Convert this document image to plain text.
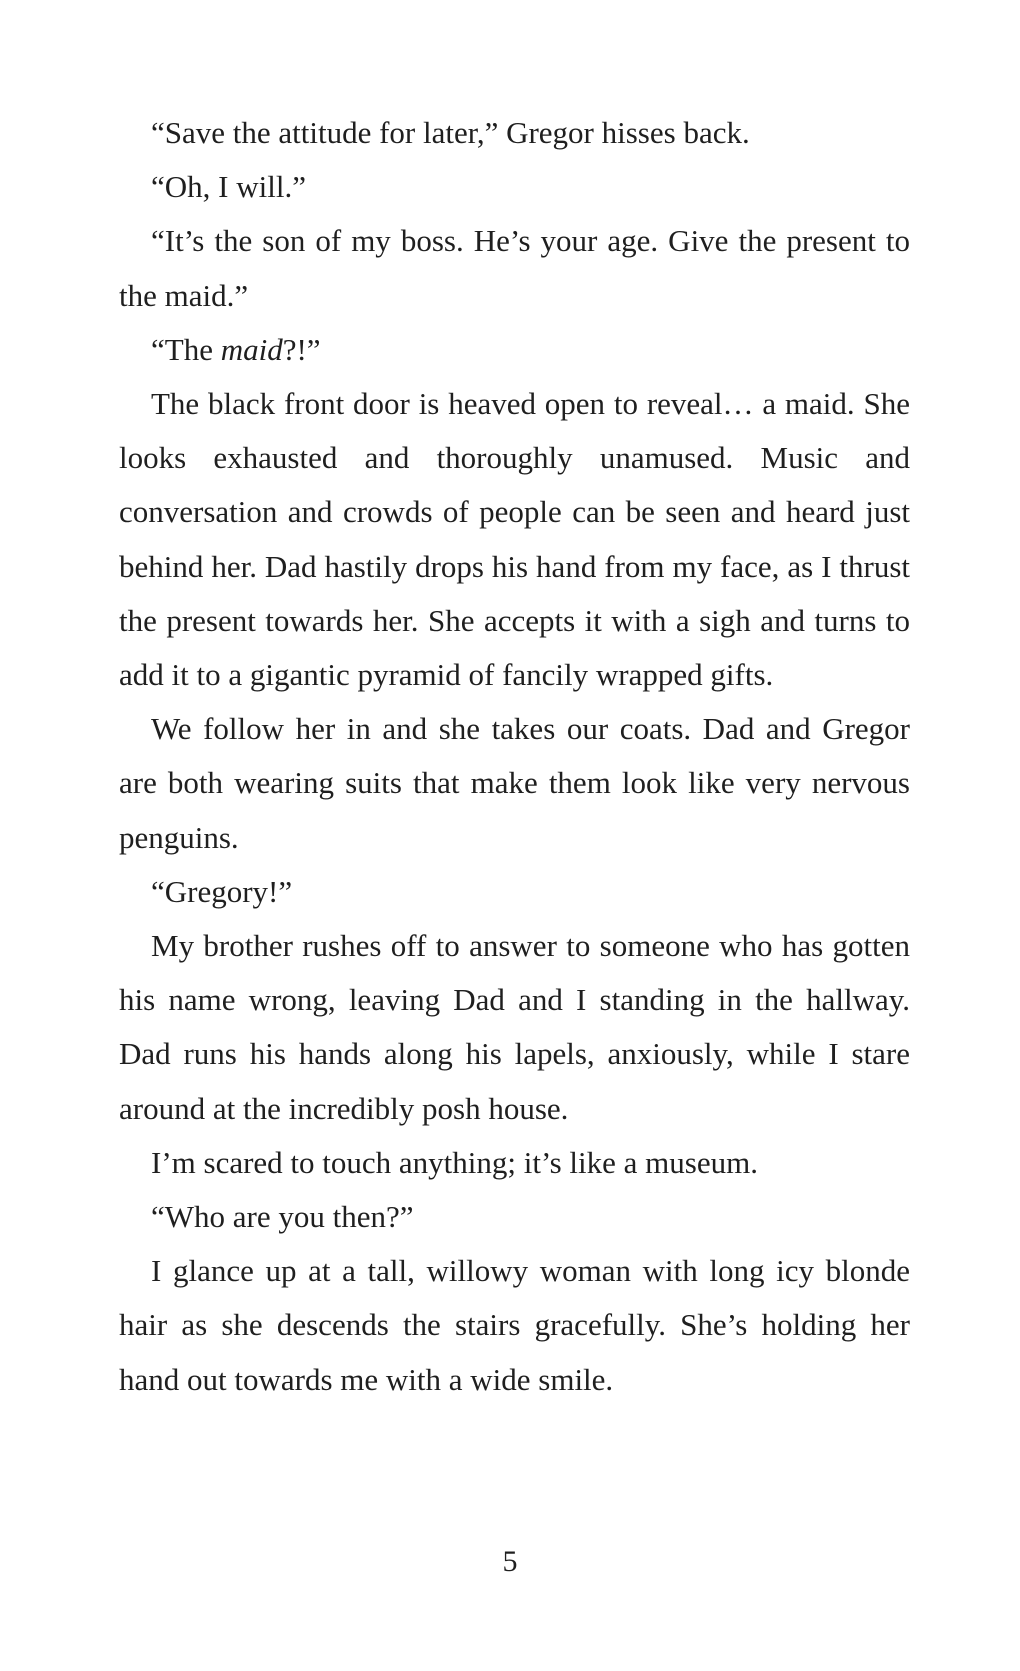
“Save the attitude for later,” Gregor hisses back.

“Oh, I will.”

“It’s the son of my boss. He’s your age. Give the present to the maid.”

“The maid?!”

The black front door is heaved open to reveal… a maid. She looks exhausted and thoroughly unamused. Music and conversation and crowds of people can be seen and heard just behind her. Dad hastily drops his hand from my face, as I thrust the present towards her. She accepts it with a sigh and turns to add it to a gigantic pyramid of fancily wrapped gifts.

We follow her in and she takes our coats. Dad and Gregor are both wearing suits that make them look like very nervous penguins.

“Gregory!”

My brother rushes off to answer to someone who has gotten his name wrong, leaving Dad and I standing in the hallway. Dad runs his hands along his lapels, anxiously, while I stare around at the incredibly posh house.

I’m scared to touch anything; it’s like a museum.

“Who are you then?”

I glance up at a tall, willowy woman with long icy blonde hair as she descends the stairs gracefully. She’s holding her hand out towards me with a wide smile.

5
